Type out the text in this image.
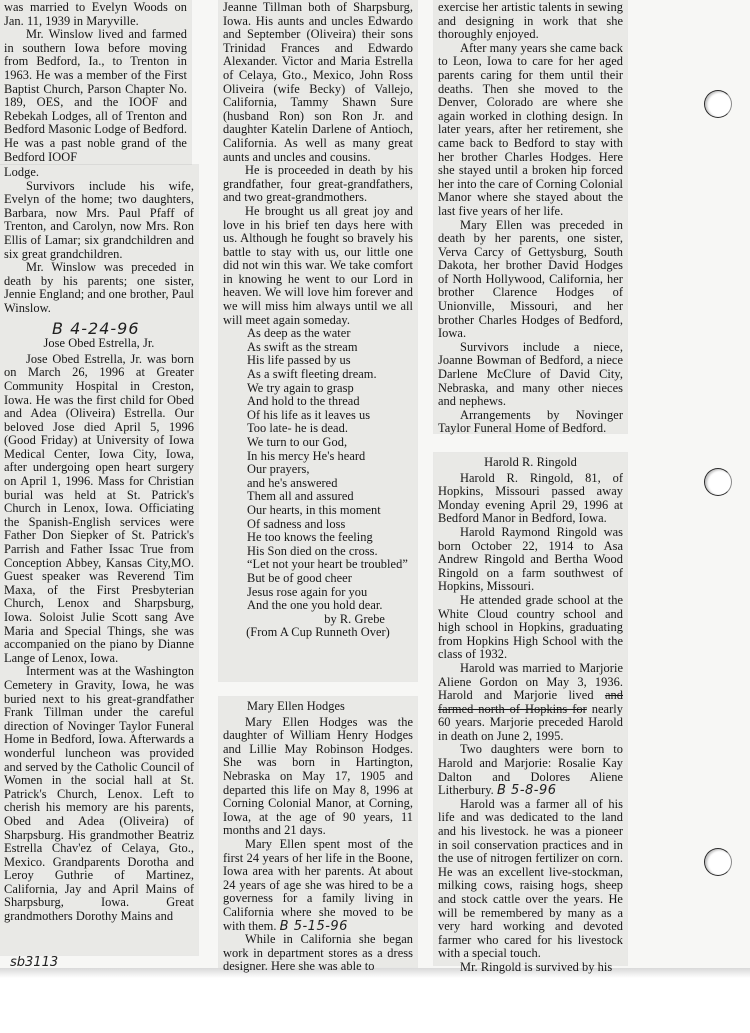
was married to Evelyn Woods on Jan. 11, 1939 in Maryville.

Mr. Winslow lived and farmed in southern Iowa before moving from Bedford, Ia., to Trenton in 1963. He was a member of the First Baptist Church, Parson Chapter No. 189, OES, and the IOOF and Rebekah Lodges, all of Trenton and Bedford Masonic Lodge of Bedford. He was a past noble grand of the Bedford IOOF

Lodge.

Survivors include his wife, Evelyn of the home; two daughters, Barbara, now Mrs. Paul Pfaff of Trenton, and Carolyn, now Mrs. Ron Ellis of Lamar; six grandchildren and six great grandchildren.

Mr. Winslow was preceded in death by his parents; one sister, Jennie England; and one brother, Paul Winslow.

B 4-24-96
Jose Obed Estrella, Jr.

Jose Obed Estrella, Jr. was born on March 26, 1996 at Greater Community Hospital in Creston, Iowa. He was the first child for Obed and Adea (Oliveira) Estrella. Our beloved Jose died April 5, 1996 (Good Friday) at University of Iowa Medical Center, Iowa City, Iowa, after undergoing open heart surgery on April 1, 1996. Mass for Christian burial was held at St. Patrick's Church in Lenox, Iowa. Officiating the Spanish-English services were Father Don Siepker of St. Patrick's Parrish and Father Issac True from Conception Abbey, Kansas City,MO. Guest speaker was Reverend Tim Maxa, of the First Presbyterian Church, Lenox and Sharpsburg, Iowa. Soloist Julie Scott sang Ave Maria and Special Things, she was accompanied on the piano by Dianne Lange of Lenox, Iowa.

Interment was at the Washington Cemetery in Gravity, Iowa, he was buried next to his great-grandfather Frank Tillman under the careful direction of Novinger Taylor Funeral Home in Bedford, Iowa. Afterwards a wonderful luncheon was provided and served by the Catholic Council of Women in the social hall at St. Patrick's Church, Lenox. Left to cherish his memory are his parents, Obed and Adea (Oliveira) of Sharpsburg. His grandmother Beatriz Estrella Chav'ez of Celaya, Gto., Mexico. Grandparents Dorotha and Leroy Guthrie of Martinez, California, Jay and April Mains of Sharpsburg, Iowa. Great grandmothers Dorothy Mains and

Jeanne Tillman both of Sharpsburg, Iowa. His aunts and uncles Edwardo and September (Oliveira) their sons Trinidad Frances and Edwardo Alexander. Victor and Maria Estrella of Celaya, Gto., Mexico, John Ross Oliveira (wife Becky) of Vallejo, California, Tammy Shawn Sure (husband Ron) son Ron Jr. and daughter Katelin Darlene of Antioch, California. As well as many great aunts and uncles and cousins.

He is proceeded in death by his grandfather, four great-grandfathers, and two great-grandmothers.

He brought us all great joy and love in his brief ten days here with us. Although he fought so bravely his battle to stay with us, our little one did not win this war. We take comfort in knowing he went to our Lord in heaven. We will love him forever and we will miss him always until we all will meet again someday.

As deep as the water
As swift as the stream
His life passed by us
As a swift fleeting dream.
We try again to grasp
And hold to the thread
Of his life as it leaves us
Too late- he is dead.
We turn to our God,
In his mercy He's heard
Our prayers,
and he's answered
Them all and assured
Our hearts, in this moment
Of sadness and loss
He too knows the feeling
His Son died on the cross.

“Let not your heart be troubled”

But be of good cheer
Jesus rose again for you
And the one you hold dear.
by R. Grebe
(From A Cup Runneth Over)
Mary Ellen Hodges

Mary Ellen Hodges was the daughter of William Henry Hodges and Lillie May Robinson Hodges. She was born in Hartington, Nebraska on May 17, 1905 and departed this life on May 8, 1996 at Corning Colonial Manor, at Corning, Iowa, at the age of 90 years, 11 months and 21 days.

Mary Ellen spent most of the first 24 years of her life in the Boone, Iowa area with her parents. At about 24 years of age she was hired to be a governess for a family living in California where she moved to be with them. B 5-15-96

While in California she began work in department stores as a dress designer. Here she was able to

exercise her artistic talents in sewing and designing in work that she thoroughly enjoyed.

After many years she came back to Leon, Iowa to care for her aged parents caring for them until their deaths. Then she moved to the Denver, Colorado are where she again worked in clothing design. In later years, after her retirement, she came back to Bedford to stay with her brother Charles Hodges. Here she stayed until a broken hip forced her into the care of Corning Colonial Manor where she stayed about the last five years of her life.

Mary Ellen was preceded in death by her parents, one sister, Verva Carcy of Gettysburg, South Dakota, her brother David Hodges of North Hollywood, California, her brother Clarence Hodges of Unionville, Missouri, and her brother Charles Hodges of Bedford, Iowa.

Survivors include a niece, Joanne Bowman of Bedford, a niece Darlene McClure of David City, Nebraska, and many other nieces and nephews.

Arrangements by Novinger Taylor Funeral Home of Bedford.

Harold R. Ringold

Harold R. Ringold, 81, of Hopkins, Missouri passed away Monday evening April 29, 1996 at Bedford Manor in Bedford, Iowa.

Harold Raymond Ringold was born October 22, 1914 to Asa Andrew Ringold and Bertha Wood Ringold on a farm southwest of Hopkins, Missouri.

He attended grade school at the White Cloud country school and high school in Hopkins, graduating from Hopkins High School with the class of 1932.

Harold was married to Marjorie Aliene Gordon on May 3, 1936. Harold and Marjorie lived and farmed north of Hopkins for nearly 60 years. Marjorie preceded Harold in death on June 2, 1995.

Two daughters were born to Harold and Marjorie: Rosalie Kay Dalton and Dolores Aliene Litherbury. B 5-8-96

Harold was a farmer all of his life and was dedicated to the land and his livestock. he was a pioneer in soil conservation practices and in the use of nitrogen fertilizer on corn. He was an excellent live-stockman, milking cows, raising hogs, sheep and stock cattle over the years. He will be remembered by many as a very hard working and devoted farmer who cared for his livestock with a special touch.

Mr. Ringold is survived by his

sb3113
